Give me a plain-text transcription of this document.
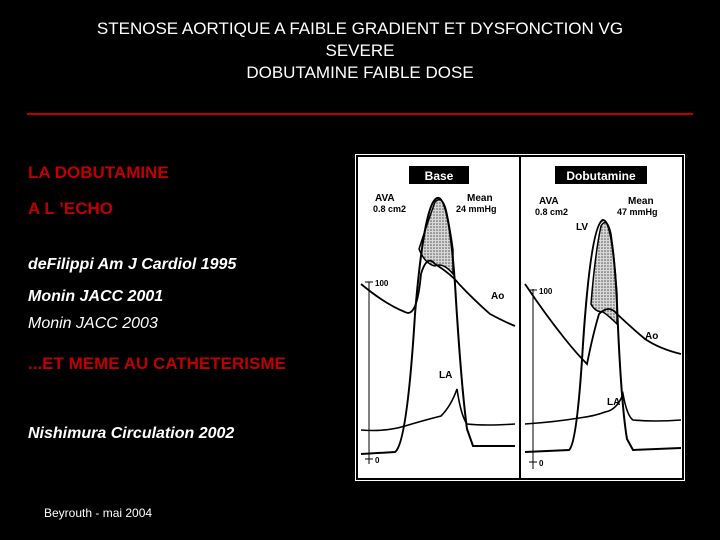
STENOSE AORTIQUE A FAIBLE GRADIENT ET DYSFONCTION VG
SEVERE
DOBUTAMINE FAIBLE DOSE
LA DOBUTAMINE
A L ’ECHO
deFilippi Am J Cardiol 1995
Monin JACC 2001
Monin JACC 2003
...ET MEME AU CATHETERISME
Nishimura Circulation 2002
Beyrouth - mai 2004
Base
AVA
0.8 cm2
Mean
24 mmHg
100
0
Ao
LA
Dobutamine
AVA
0.8 cm2
Mean
47 mmHg
LV
100
0
Ao
LA
